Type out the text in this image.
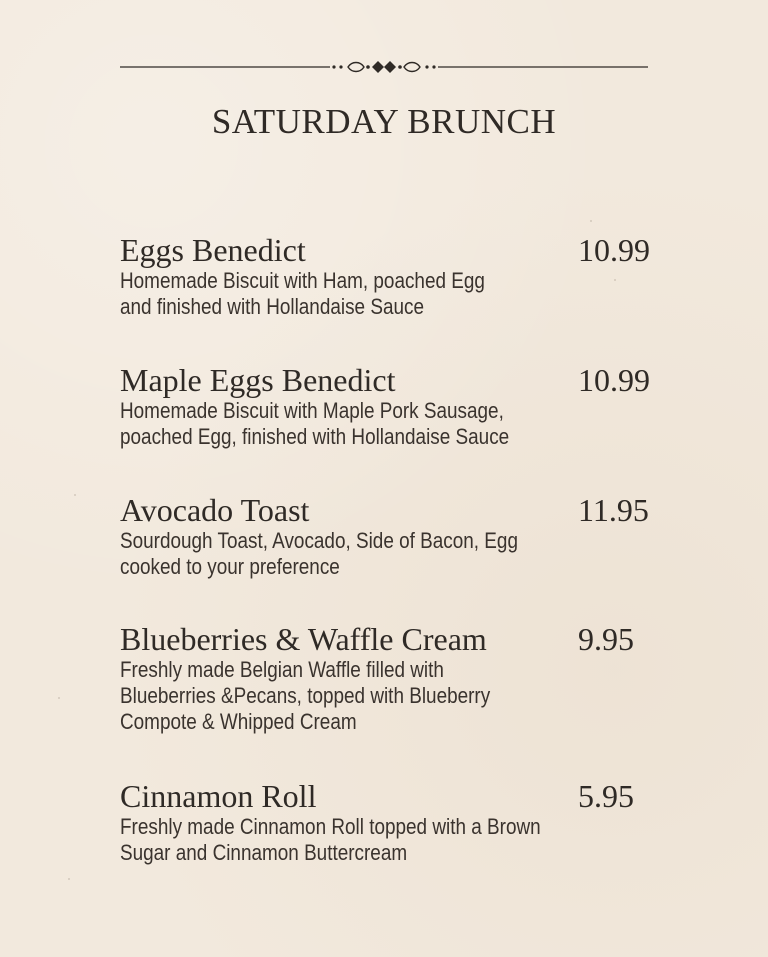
SATURDAY BRUNCH
Eggs Benedict	10.99
Homemade Biscuit with Ham, poached Egg
and finished with Hollandaise Sauce
Maple Eggs Benedict	10.99
Homemade Biscuit with Maple Pork Sausage,
poached Egg, finished with Hollandaise Sauce
Avocado Toast	11.95
Sourdough Toast, Avocado, Side of Bacon, Egg
cooked to your preference
Blueberries & Waffle Cream	9.95
Freshly made Belgian Waffle filled with
Blueberries &Pecans, topped with Blueberry
Compote & Whipped Cream
Cinnamon Roll	5.95
Freshly made Cinnamon Roll topped with a Brown
Sugar and Cinnamon Buttercream
